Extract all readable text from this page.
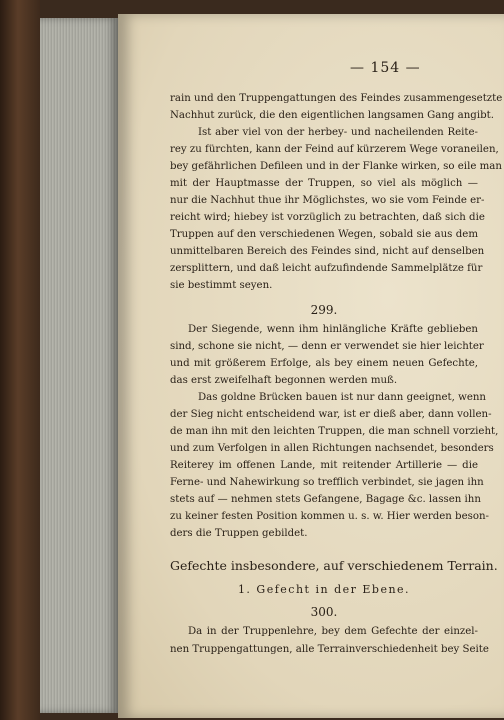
— 154 —
rain und den Truppengattungen des Feindes zusammengesetzte
Nachhut zurück, die den eigentlichen langsamen Gang angibt.
Ist aber viel von der herbey- und nacheilenden Reite-
rey zu fürchten, kann der Feind auf kürzerem Wege voraneilen,
bey gefährlichen Defileen und in der Flanke wirken, so eile man
mit der Hauptmasse der Truppen, so viel als möglich —
nur die Nachhut thue ihr Möglichstes, wo sie vom Feinde er-
reicht wird; hiebey ist vorzüglich zu betrachten, daß sich die
Truppen auf den verschiedenen Wegen, sobald sie aus dem
unmittelbaren Bereich des Feindes sind, nicht auf denselben
zersplittern, und daß leicht aufzufindende Sammelplätze für
sie bestimmt seyen.
299.
Der Siegende, wenn ihm hinlängliche Kräfte geblieben
sind, schone sie nicht, — denn er verwendet sie hier leichter
und mit größerem Erfolge, als bey einem neuen Gefechte,
das erst zweifelhaft begonnen werden muß.
Das goldne Brücken bauen ist nur dann geeignet, wenn
der Sieg nicht entscheidend war, ist er dieß aber, dann vollen-
de man ihn mit den leichten Truppen, die man schnell vorzieht,
und zum Verfolgen in allen Richtungen nachsendet, besonders
Reiterey im offenen Lande, mit reitender Artillerie — die
Ferne- und Nahewirkung so trefflich verbindet, sie jagen ihn
stets auf — nehmen stets Gefangene, Bagage &c. lassen ihn
zu keiner festen Position kommen u. s. w. Hier werden beson-
ders die Truppen gebildet.
Gefechte insbesondere, auf verschiedenem Terrain.
1. Gefecht in der Ebene.
300.
Da in der Truppenlehre, bey dem Gefechte der einzel-
nen Truppengattungen, alle Terrainverschiedenheit bey Seite
